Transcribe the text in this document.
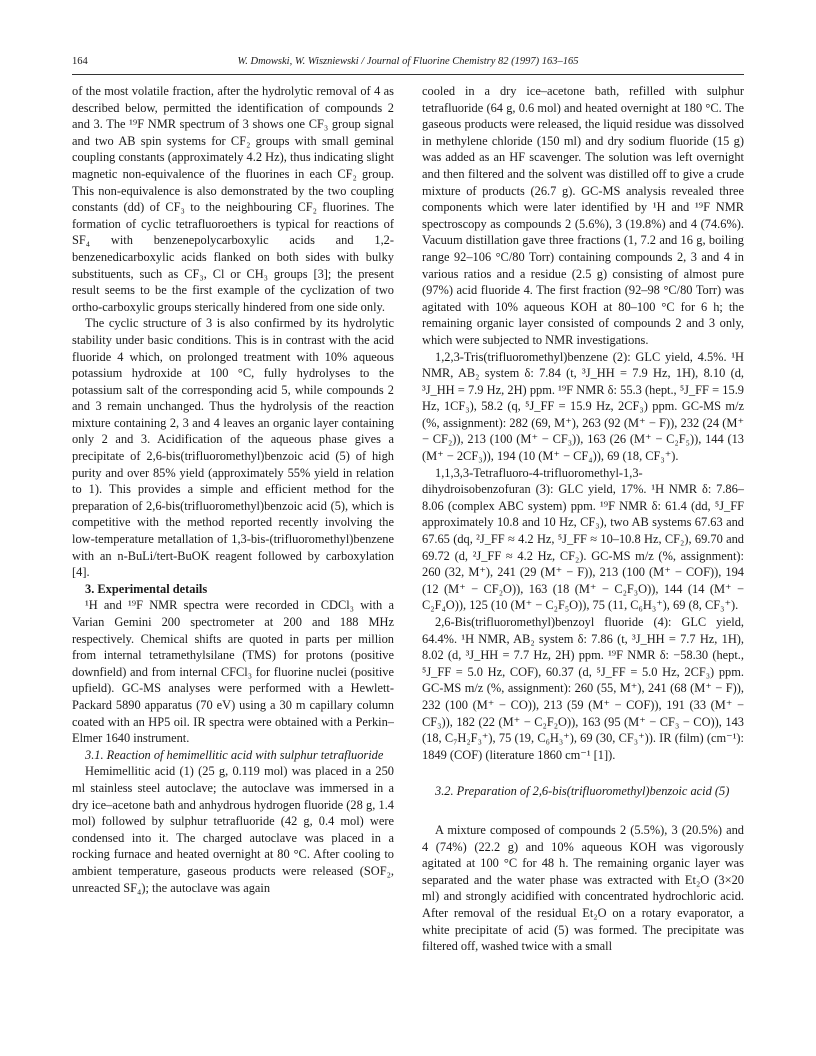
164	W. Dmowski, W. Wiszniewski / Journal of Fluorine Chemistry 82 (1997) 163–165

of the most volatile fraction, after the hydrolytic removal of 4 as described below, permitted the identification of compounds 2 and 3. The ¹⁹F NMR spectrum of 3 shows one CF₃ group signal and two AB spin systems for CF₂ groups with small geminal coupling constants (approximately 4.2 Hz), thus indicating slight magnetic non-equivalence of the fluorines in each CF₂ group. This non-equivalence is also demonstrated by the two coupling constants (dd) of CF₃ to the neighbouring CF₂ fluorines. The formation of cyclic tetrafluoroethers is typical for reactions of SF₄ with benzenepolycarboxylic acids and 1,2-benzenedicarboxylic acids flanked on both sides with bulky substituents, such as CF₃, Cl or CH₃ groups [3]; the present result seems to be the first example of the cyclization of two ortho-carboxylic groups sterically hindered from one side only.

The cyclic structure of 3 is also confirmed by its hydrolytic stability under basic conditions. This is in contrast with the acid fluoride 4 which, on prolonged treatment with 10% aqueous potassium hydroxide at 100 °C, fully hydrolyses to the potassium salt of the corresponding acid 5, while compounds 2 and 3 remain unchanged. Thus the hydrolysis of the reaction mixture containing 2, 3 and 4 leaves an organic layer containing only 2 and 3. Acidification of the aqueous phase gives a precipitate of 2,6-bis(trifluoromethyl)benzoic acid (5) of high purity and over 85% yield (approximately 55% yield in relation to 1). This provides a simple and efficient method for the preparation of 2,6-bis(trifluoromethyl)benzoic acid (5), which is competitive with the method reported recently involving the low-temperature metallation of 1,3-bis-(trifluoromethyl)benzene with an n-BuLi/tert-BuOK reagent followed by carboxylation [4].

3. Experimental details

¹H and ¹⁹F NMR spectra were recorded in CDCl₃ with a Varian Gemini 200 spectrometer at 200 and 188 MHz respectively. Chemical shifts are quoted in parts per million from internal tetramethylsilane (TMS) for protons (positive downfield) and from internal CFCl₃ for fluorine nuclei (positive upfield). GC-MS analyses were performed with a Hewlett-Packard 5890 apparatus (70 eV) using a 30 m capillary column coated with an HP5 oil. IR spectra were obtained with a Perkin–Elmer 1640 instrument.

3.1. Reaction of hemimellitic acid with sulphur tetrafluoride

Hemimellitic acid (1) (25 g, 0.119 mol) was placed in a 250 ml stainless steel autoclave; the autoclave was immersed in a dry ice–acetone bath and anhydrous hydrogen fluoride (28 g, 1.4 mol) followed by sulphur tetrafluoride (42 g, 0.4 mol) were condensed into it. The charged autoclave was placed in a rocking furnace and heated overnight at 80 °C. After cooling to ambient temperature, gaseous products were released (SOF₂, unreacted SF₄); the autoclave was again

cooled in a dry ice–acetone bath, refilled with sulphur tetrafluoride (64 g, 0.6 mol) and heated overnight at 180 °C. The gaseous products were released, the liquid residue was dissolved in methylene chloride (150 ml) and dry sodium fluoride (15 g) was added as an HF scavenger. The solution was left overnight and then filtered and the solvent was distilled off to give a crude mixture of products (26.7 g). GC-MS analysis revealed three components which were later identified by ¹H and ¹⁹F NMR spectroscopy as compounds 2 (5.6%), 3 (19.8%) and 4 (74.6%). Vacuum distillation gave three fractions (1, 7.2 and 16 g, boiling range 92–106 °C/80 Torr) containing compounds 2, 3 and 4 in various ratios and a residue (2.5 g) consisting of almost pure (97%) acid fluoride 4. The first fraction (92–98 °C/80 Torr) was agitated with 10% aqueous KOH at 80–100 °C for 6 h; the remaining organic layer consisted of compounds 2 and 3 only, which were subjected to NMR investigations.

1,2,3-Tris(trifluoromethyl)benzene (2): GLC yield, 4.5%. ¹H NMR, AB₂ system δ: 7.84 (t, ³J_HH = 7.9 Hz, 1H), 8.10 (d, ³J_HH = 7.9 Hz, 2H) ppm. ¹⁹F NMR δ: 55.3 (hept., ⁵J_FF = 15.9 Hz, 1CF₃), 58.2 (q, ⁵J_FF = 15.9 Hz, 2CF₃) ppm. GC-MS m/z (%, assignment): 282 (69, M⁺), 263 (92 (M⁺ − F)), 232 (24 (M⁺ − CF₂)), 213 (100 (M⁺ − CF₃)), 163 (26 (M⁺ − C₂F₅)), 144 (13 (M⁺ − 2CF₃)), 194 (10 (M⁺ − CF₄)), 69 (18, CF₃⁺).

1,1,3,3-Tetrafluoro-4-trifluoromethyl-1,3-dihydroisobenzofuran (3): GLC yield, 17%. ¹H NMR δ: 7.86–8.06 (complex ABC system) ppm. ¹⁹F NMR δ: 61.4 (dd, ⁵J_FF approximately 10.8 and 10 Hz, CF₃), two AB systems 67.63 and 67.65 (dq, ²J_FF ≈ 4.2 Hz, ⁵J_FF ≈ 10–10.8 Hz, CF₂), 69.70 and 69.72 (d, ²J_FF ≈ 4.2 Hz, CF₂). GC-MS m/z (%, assignment): 260 (32, M⁺), 241 (29 (M⁺ − F)), 213 (100 (M⁺ − COF)), 194 (12 (M⁺ − CF₂O)), 163 (18 (M⁺ − C₂F₃O)), 144 (14 (M⁺ − C₂F₄O)), 125 (10 (M⁺ − C₂F₅O)), 75 (11, C₆H₃⁺), 69 (8, CF₃⁺).

2,6-Bis(trifluoromethyl)benzoyl fluoride (4): GLC yield, 64.4%. ¹H NMR, AB₂ system δ: 7.86 (t, ³J_HH = 7.7 Hz, 1H), 8.02 (d, ³J_HH = 7.7 Hz, 2H) ppm. ¹⁹F NMR δ: −58.30 (hept., ⁵J_FF = 5.0 Hz, COF), 60.37 (d, ⁵J_FF = 5.0 Hz, 2CF₃) ppm. GC-MS m/z (%, assignment): 260 (55, M⁺), 241 (68 (M⁺ − F)), 232 (100 (M⁺ − CO)), 213 (59 (M⁺ − COF)), 191 (33 (M⁺ − CF₃)), 182 (22 (M⁺ − C₂F₂O)), 163 (95 (M⁺ − CF₃ − CO)), 143 (18, C₇H₂F₃⁺), 75 (19, C₆H₃⁺), 69 (30, CF₃⁺)). IR (film) (cm⁻¹): 1849 (COF) (literature 1860 cm⁻¹ [1]).

3.2. Preparation of 2,6-bis(trifluoromethyl)benzoic acid (5)

A mixture composed of compounds 2 (5.5%), 3 (20.5%) and 4 (74%) (22.2 g) and 10% aqueous KOH was vigorously agitated at 100 °C for 48 h. The remaining organic layer was separated and the water phase was extracted with Et₂O (3×20 ml) and strongly acidified with concentrated hydrochloric acid. After removal of the residual Et₂O on a rotary evaporator, a white precipitate of acid (5) was formed. The precipitate was filtered off, washed twice with a small
